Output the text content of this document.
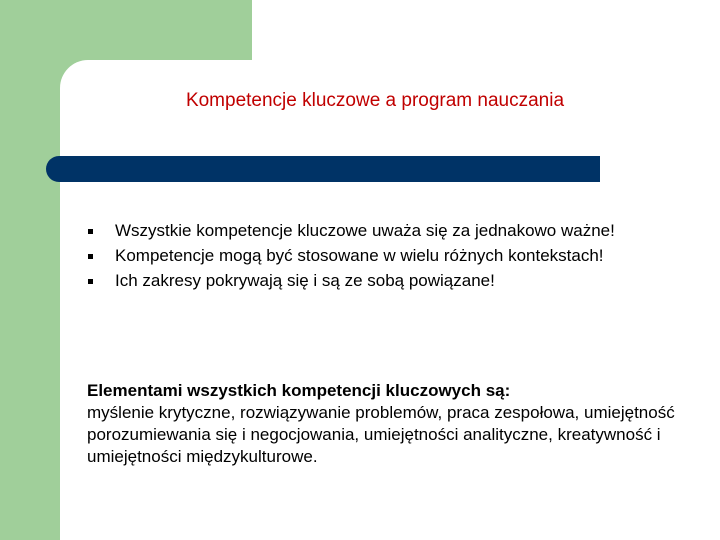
Kompetencje kluczowe a program nauczania
Wszystkie kompetencje kluczowe uważa się za jednakowo ważne!
Kompetencje mogą być stosowane w wielu różnych kontekstach!
Ich zakresy pokrywają się i są ze sobą powiązane!
Elementami wszystkich kompetencji kluczowych są:
myślenie krytyczne, rozwiązywanie problemów, praca zespołowa, umiejętność porozumiewania się i negocjowania, umiejętności analityczne, kreatywność i umiejętności międzykulturowe.
